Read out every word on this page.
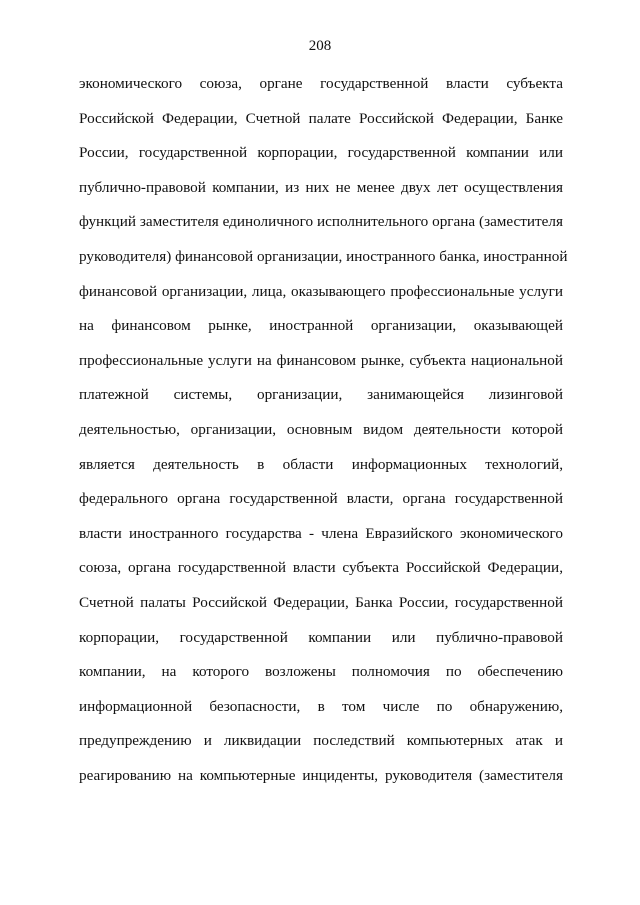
208
экономического союза, органе государственной власти субъекта
Российской Федерации, Счетной палате Российской Федерации, Банке
России, государственной корпорации, государственной компании или
публично-правовой компании, из них не менее двух лет осуществления
функций заместителя единоличного исполнительного органа (заместителя
руководителя) финансовой организации, иностранного банка, иностранной
финансовой организации, лица, оказывающего профессиональные услуги
на финансовом рынке, иностранной организации, оказывающей
профессиональные услуги на финансовом рынке, субъекта национальной
платежной системы, организации, занимающейся лизинговой
деятельностью, организации, основным видом деятельности которой
является деятельность в области информационных технологий,
федерального органа государственной власти, органа государственной
власти иностранного государства - члена Евразийского экономического
союза, органа государственной власти субъекта Российской Федерации,
Счетной палаты Российской Федерации, Банка России, государственной
корпорации, государственной компании или публично-правовой
компании, на которого возложены полномочия по обеспечению
информационной безопасности, в том числе по обнаружению,
предупреждению и ликвидации последствий компьютерных атак и
реагированию на компьютерные инциденты, руководителя (заместителя
